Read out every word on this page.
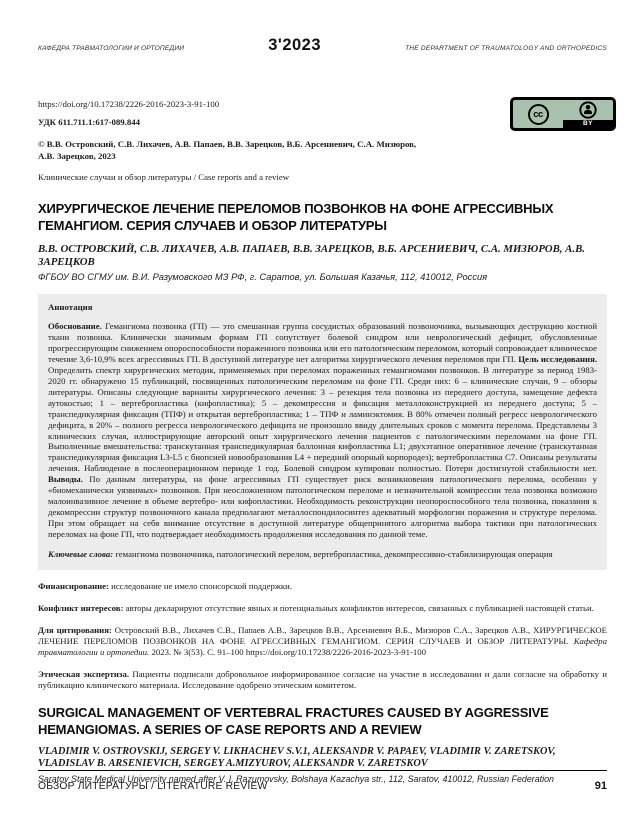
КАФЕДРА ТРАВМАТОЛОГИИ И ОРТОПЕДИИ	3'2023	THE DEPARTMENT OF TRAUMATOLOGY AND ORTHOPEDICS
https://doi.org/10.17238/2226-2016-2023-3-91-100
УДК 611.711.1:617-089.844
© В.В. Островский, С.В. Лихачев, А.В. Папаев, В.В. Зарецков, В.Б. Арсениевич, С.А. Мизюров,
А.В. Зарецков, 2023
Клинические случаи и обзор литературы / Case reports and a review
cc
BY
ХИРУРГИЧЕСКОЕ ЛЕЧЕНИЕ ПЕРЕЛОМОВ ПОЗВОНКОВ НА ФОНЕ АГРЕССИВНЫХ
ГЕМАНГИОМ. СЕРИЯ СЛУЧАЕВ И ОБЗОР ЛИТЕРАТУРЫ
В.В. ОСТРОВСКИЙ, С.В. ЛИХАЧЕВ, А.В. ПАПАЕВ, В.В. ЗАРЕЦКОВ, В.Б. АРСЕНИЕВИЧ, С.А. МИЗЮРОВ, А.В. ЗАРЕЦКОВ
ФГБОУ ВО СГМУ им. В.И. Разумовского МЗ РФ, г. Саратов, ул. Большая Казачья, 112, 410012, Россия
Аннотация
Обоснование. Гемангиома позвонка (ГП) — это смешанная группа сосудистых образований позвоночника, вызывающих деструкцию костной ткани позвонка. Клинически значимым формам ГП сопутствует болевой синдром или неврологический дефицит, обусловленные прогрессирующим снижением опороспособности пораженного позвонка или его патологическим переломом, который сопровождает клиническое течение 3,6-10,9% всех агрессивных ГП. В доступной литературе нет алгоритма хирургического лечения переломов при ГП. Цель исследования. Определить спектр хирургических методик, применяемых при переломах пораженных гемангиомами позвонков. В литературе за период 1983-2020 гг. обнаружено 15 публикаций, посвященных патологическим переломам на фоне ГП. Среди них: 6 – клинические случаи, 9 – обзоры литературы. Описаны следующие варианты хирургического лечения: 3 – резекция тела позвонка из переднего доступа, замещение дефекта аутокостью; 1 – вертебропластика (кифопластика); 5 – декомпрессия и фиксация металлоконструкцией из переднего доступа; 5 – транспедикулярная фиксация (ТПФ) и открытая вертебропластика; 1 – ТПФ и ламинэктомия. В 80% отмечен полный регресс неврологического дефицита, в 20% – полного регресса неврологического дефицита не произошло ввиду длительных сроков с момента перелома. Представлены 3 клинических случая, иллюстрирующие авторский опыт хирургического лечения пациентов с патологическими переломами на фоне ГП. Выполненные вмешательства: транскутанная транспедикулярная баллонная кифопластика L1; двухэтапное оперативное лечение (транскутанная транспедикулярная фиксация L3-L5 с биопсией новообразования L4 + передний опорный корпородез); вертебропластика С7. Описаны результаты лечения. Наблюдение в послеоперационном периоде 1 год. Болевой синдром купирован полностью. Потери достигнутой стабильности нет. Выводы. По данным литературы, на фоне агрессивных ГП существует риск возникновения патологического перелома, особенно у «биомеханически уязвимых» позвонков. При неосложненном патологическом переломе и незначительной компрессии тела позвонка возможно малоинвазивное лечение в объеме вертебро- или кифопластики. Необходимость реконструкции неопороспособного тела позвонка, показания к декомпрессии структур позвоночного канала предполагают металлоспондилосинтез адекватный морфологии поражения и структуре перелома. При этом обращает на себя внимание отсутствие в доступной литературе общепринятого алгоритма выбора тактики при патологических переломах на фоне ГП, что подтверждает необходимость продолжения исследования по данной теме.
Ключевые слова: гемангиома позвоночника, патологический перелом, вертебропластика, декомпрессивно-стабилизирующая операция
Финансирование: исследование не имело спонсорской поддержки.
Конфликт интересов: авторы декларируют отсутствие явных и потенциальных конфликтов интересов, связанных с публикацией настоящей статьи.
Для цитирования: Островский В.В., Лихачев С.В., Папаев А.В., Зарецков В.В., Арсениевич В.Б., Мизюров С.А., Зарецков А.В., ХИРУРГИЧЕСКОЕ ЛЕЧЕНИЕ ПЕРЕЛОМОВ ПОЗВОНКОВ НА ФОНЕ АГРЕССИВНЫХ ГЕМАНГИОМ. СЕРИЯ СЛУЧАЕВ И ОБЗОР ЛИТЕРАТУРЫ. Кафедра травматологии и ортопедии. 2023. № 3(53). С. 91–100 https://doi.org/10.17238/2226-2016-2023-3-91-100
Этическая экспертиза. Пациенты подписали добровольное информированное согласие на участие в исследовании и дали согласие на обработку и публикацию клинического материала. Исследование одобрено этическим комитетом.
SURGICAL MANAGEMENT OF VERTEBRAL FRACTURES CAUSED BY AGGRESSIVE
HEMANGIOMAS. A SERIES OF CASE REPORTS AND A REVIEW
VLADIMIR V. OSTROVSKIJ, SERGEY V. LIKHACHEV S.V.1, ALEKSANDR V. PAPAEV, VLADIMIR V. ZARETSKOV, VLADISLAV B. ARSENIEVICH, SERGEY A.MIZYUROV, ALEKSANDR V. ZARETSKOV
Saratov State Medical University named after V. I. Razumovsky, Bolshaya Kazachya str., 112, Saratov, 410012, Russian Federation
ОБЗОР ЛИТЕРАТУРЫ / LITERATURE REVIEW	91
